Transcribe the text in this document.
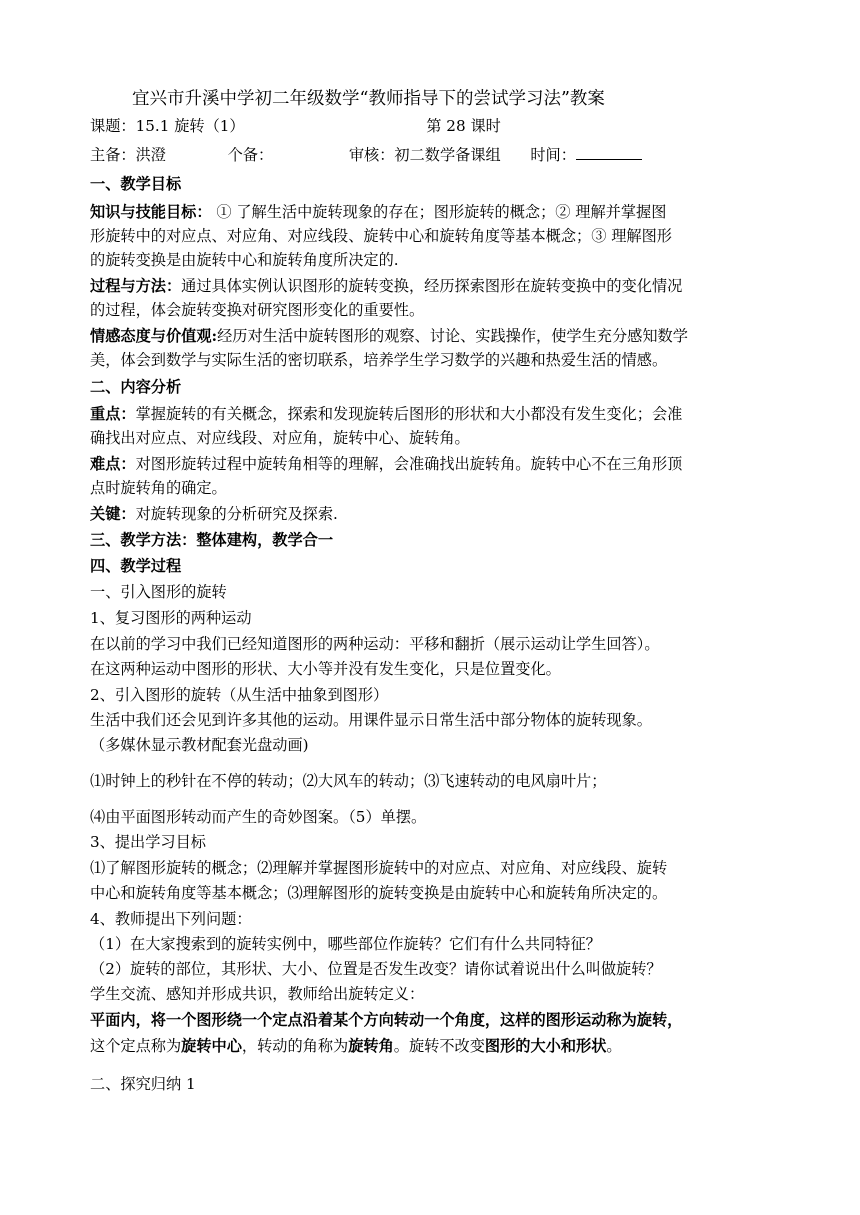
宜兴市升溪中学初二年级数学“教师指导下的尝试学习法”教案
课题：15.1 旋转（1）	第 28 课时
主备：洪澄	个备：	审核：初二数学备课组 时间：
一、教学目标
知识与技能目标： ① 了解生活中旋转现象的存在；图形旋转的概念；② 理解并掌握图
形旋转中的对应点、对应角、对应线段、旋转中心和旋转角度等基本概念；③ 理解图形
的旋转变换是由旋转中心和旋转角度所决定的.
过程与方法：通过具体实例认识图形的旋转变换，经历探索图形在旋转变换中的变化情况
的过程，体会旋转变换对研究图形变化的重要性。
情感态度与价值观:经历对生活中旋转图形的观察、讨论、实践操作，使学生充分感知数学
美，体会到数学与实际生活的密切联系，培养学生学习数学的兴趣和热爱生活的情感。
二、内容分析
重点：掌握旋转的有关概念，探索和发现旋转后图形的形状和大小都没有发生变化；会准
确找出对应点、对应线段、对应角，旋转中心、旋转角。
难点：对图形旋转过程中旋转角相等的理解，会准确找出旋转角。旋转中心不在三角形顶
点时旋转角的确定。
关键：对旋转现象的分析研究及探索.
三、教学方法：整体建构，教学合一
四、教学过程
一、引入图形的旋转
1、复习图形的两种运动
在以前的学习中我们已经知道图形的两种运动：平移和翻折（展示运动让学生回答）。
在这两种运动中图形的形状、大小等并没有发生变化，只是位置变化。
2、引入图形的旋转（从生活中抽象到图形）
生活中我们还会见到许多其他的运动。用课件显示日常生活中部分物体的旋转现象。
（多媒休显示教材配套光盘动画)
⑴时钟上的秒针在不停的转动；⑵大风车的转动；⑶飞速转动的电风扇叶片；
⑷由平面图形转动而产生的奇妙图案。（5）单摆。
3、提出学习目标
⑴了解图形旋转的概念；⑵理解并掌握图形旋转中的对应点、对应角、对应线段、旋转
中心和旋转角度等基本概念；⑶理解图形的旋转变换是由旋转中心和旋转角所决定的。
4、教师提出下列问题：
（1）在大家搜索到的旋转实例中，哪些部位作旋转？它们有什么共同特征？
（2）旋转的部位，其形状、大小、位置是否发生改变？请你试着说出什么叫做旋转？
学生交流、感知并形成共识，教师给出旋转定义：
平面内，将一个图形绕一个定点沿着某个方向转动一个角度，这样的图形运动称为旋转，
这个定点称为旋转中心，转动的角称为旋转角。旋转不改变图形的大小和形状。
二、探究归纳 1
